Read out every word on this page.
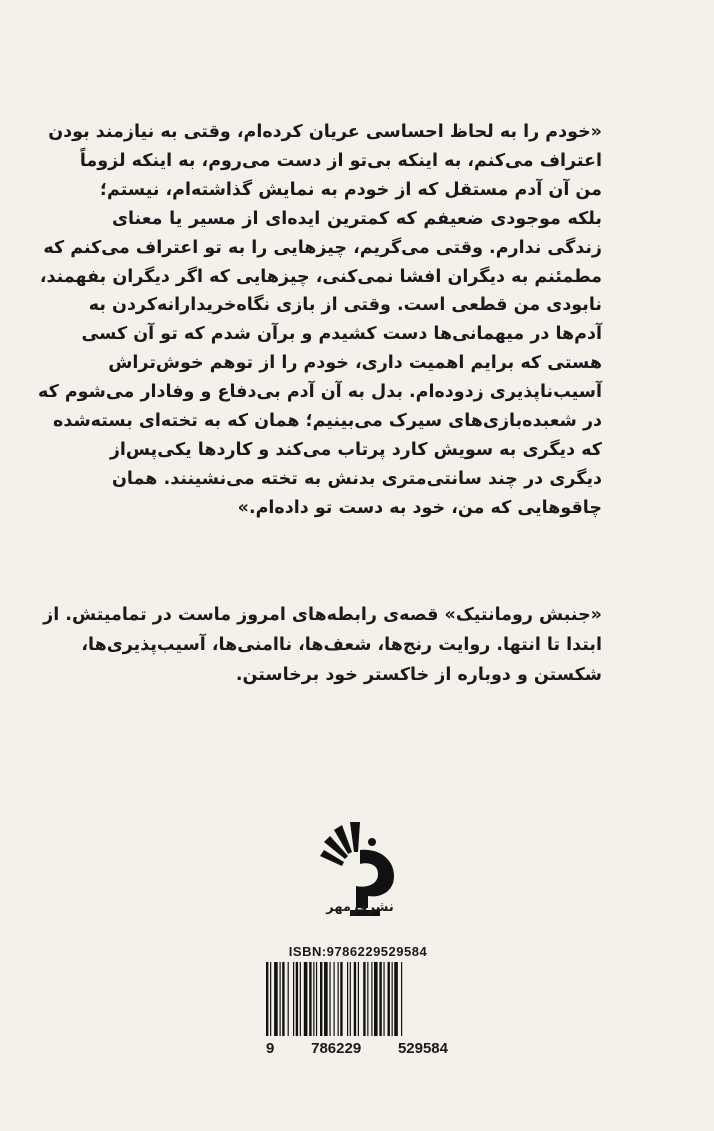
«خودم را به لحاظ احساسی عریان کرده‌ام، وقتی به نیازمند بودن
اعتراف می‌کنم، به اینکه بی‌تو از دست می‌روم، به اینکه لزوماً
من آن آدم مستقل که از خودم به نمایش گذاشته‌ام، نیستم؛
بلکه موجودی ضعیفم که کمترین ایده‌ای از مسیر یا معنای
زندگی ندارم. وقتی می‌گریم، چیزهایی را به تو اعتراف می‌کنم که
مطمئنم به دیگران افشا نمی‌کنی، چیزهایی که اگر دیگران بفهمند،
نابودی من قطعی است. وقتی از بازی نگاه‌خریدارانه‌کردن به
آدم‌ها در میهمانی‌ها دست کشیدم و برآن شدم که تو آن کسی
هستی که برایم اهمیت داری، خودم را از توهم خوش‌تراش
آسیب‌ناپذیری زدوده‌ام. بدل به آن آدم بی‌دفاع و وفادار می‌شوم که
در شعبده‌بازی‌های سیرک می‌بینیم؛ همان که به تخته‌ای بسته‌شده
که دیگری به سویش کارد پرتاب می‌کند و کاردها یکی‌پس‌از
دیگری در چند سانتی‌متری بدنش به تخته می‌نشینند. همان
چاقوهایی که من، خود به دست تو داده‌ام.»
«جنبش رومانتیک» قصه‌ی رابطه‌های امروز ماست در تمامیتش. از
ابتدا تا انتها. روایت رنج‌ها، شعف‌ها، ناامنی‌ها، آسیب‌پذیری‌ها،
شکستن و دوباره از خاکستر خود برخاستن.
نشرفرمهر
ISBN:9786229529584
9 786229 529584
